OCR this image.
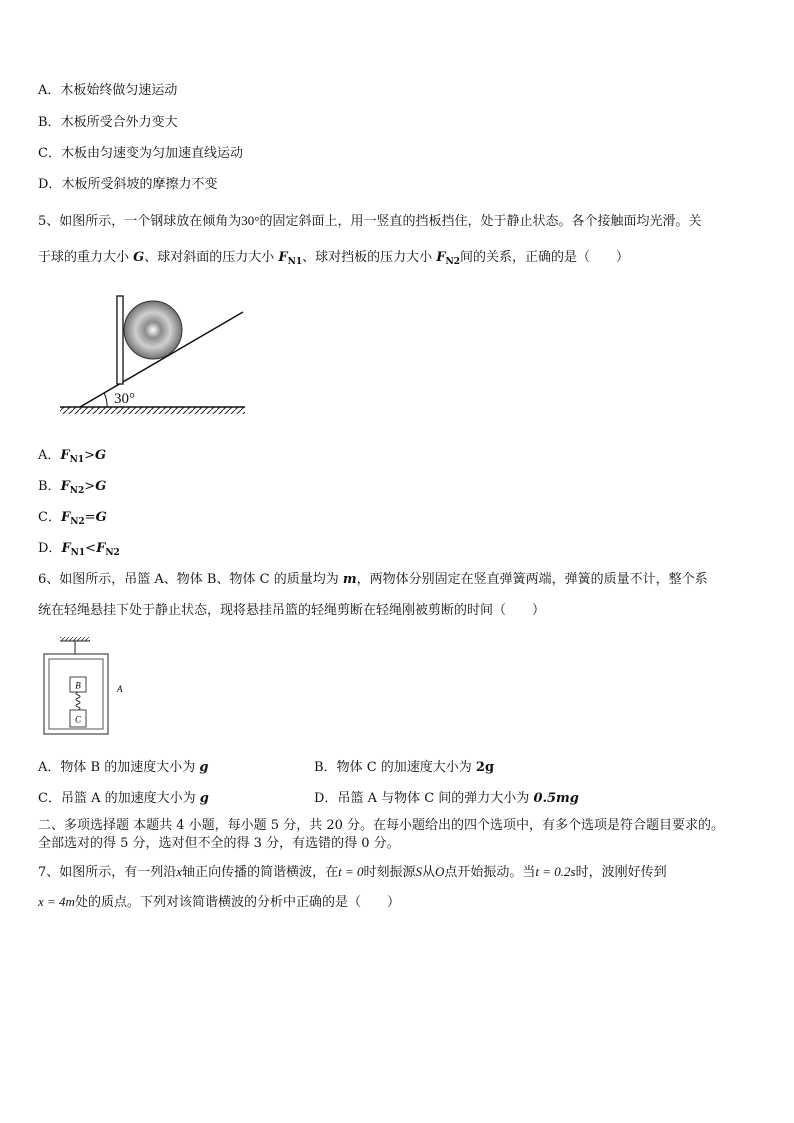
A．木板始终做匀速运动
B．木板所受合外力变大
C．木板由匀速变为匀加速直线运动
D．木板所受斜坡的摩擦力不变
5、如图所示，一个钢球放在倾角为30°的固定斜面上，用一竖直的挡板挡住，处于静止状态。各个接触面均光滑。关
于球的重力大小 G、球对斜面的压力大小 $F_{N1}$、球对挡板的压力大小 $F_{N2}$间的关系，正确的是（　　）
30°
A．$F_{N1}>G$
B．$F_{N2}>G$
C．$F_{N2}=G$
D．$F_{N1}<F_{N2}$
6、如图所示，吊篮 A、物体 B、物体 C 的质量均为 m，两物体分别固定在竖直弹簧两端，弹簧的质量不计，整个系
统在轻绳悬挂下处于静止状态，现将悬挂吊篮的轻绳剪断在轻绳刚被剪断的时间（　　）
B
C
A
A．物体 B 的加速度大小为 g	B．物体 C 的加速度大小为 2g
C．吊篮 A 的加速度大小为 g	D．吊篮 A 与物体 C 间的弹力大小为 0.5mg
二、多项选择题 本题共 4 小题，每小题 5 分，共 20 分。在每小题给出的四个选项中，有多个选项是符合题目要求的。
全部选对的得 5 分，选对但不全的得 3 分，有选错的得 0 分。
7、如图所示，有一列沿x轴正向传播的简谐横波，在t = 0时刻振源S从O点开始振动。当t = 0.2s时，波刚好传到
x = 4m处的质点。下列对该简谐横波的分析中正确的是（　　）
